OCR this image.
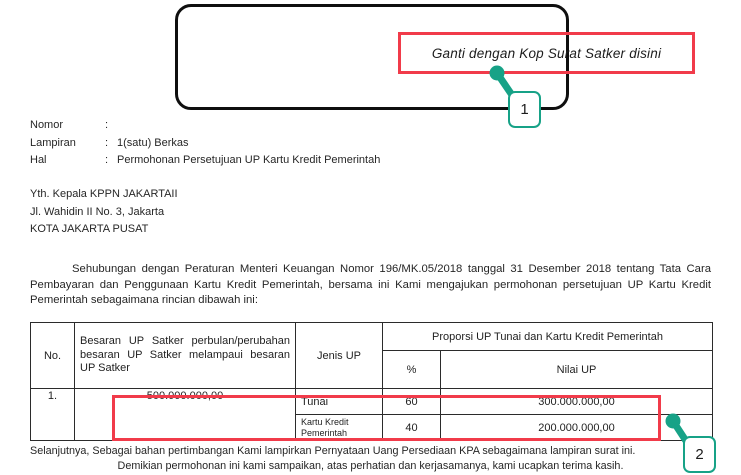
Ganti dengan Kop Surat Satker disini
1
Nomor	:
Lampiran	: 1(satu) Berkas
Hal	: Permohonan Persetujuan UP Kartu Kredit Pemerintah
Yth. Kepala KPPN JAKARTAII
Jl. Wahidin II No. 3, Jakarta
KOTA JAKARTA PUSAT
Sehubungan dengan Peraturan Menteri Keuangan Nomor 196/MK.05/2018 tanggal 31 Desember 2018 tentang Tata Cara Pembayaran dan Penggunaan Kartu Kredit Pemerintah, bersama ini Kami mengajukan permohonan persetujuan UP Kartu Kredit Pemerintah sebagaimana rincian dibawah ini:
No.	Besaran UP Satker perbulan/perubahan besaran UP Satker melampaui besaran UP Satker	Jenis UP	Proporsi UP Tunai dan Kartu Kredit Pemerintah	
			%	Nilai UP
1.	500.000.000,00	Tunai	60	300.000.000,00
		Kartu Kredit Pemerintah	40	200.000.000,00
2
Selanjutnya, Sebagai bahan pertimbangan Kami lampirkan Pernyataan Uang Persediaan KPA sebagaimana lampiran surat ini.
Demikian permohonan ini kami sampaikan, atas perhatian dan kerjasamanya, kami ucapkan terima kasih.
